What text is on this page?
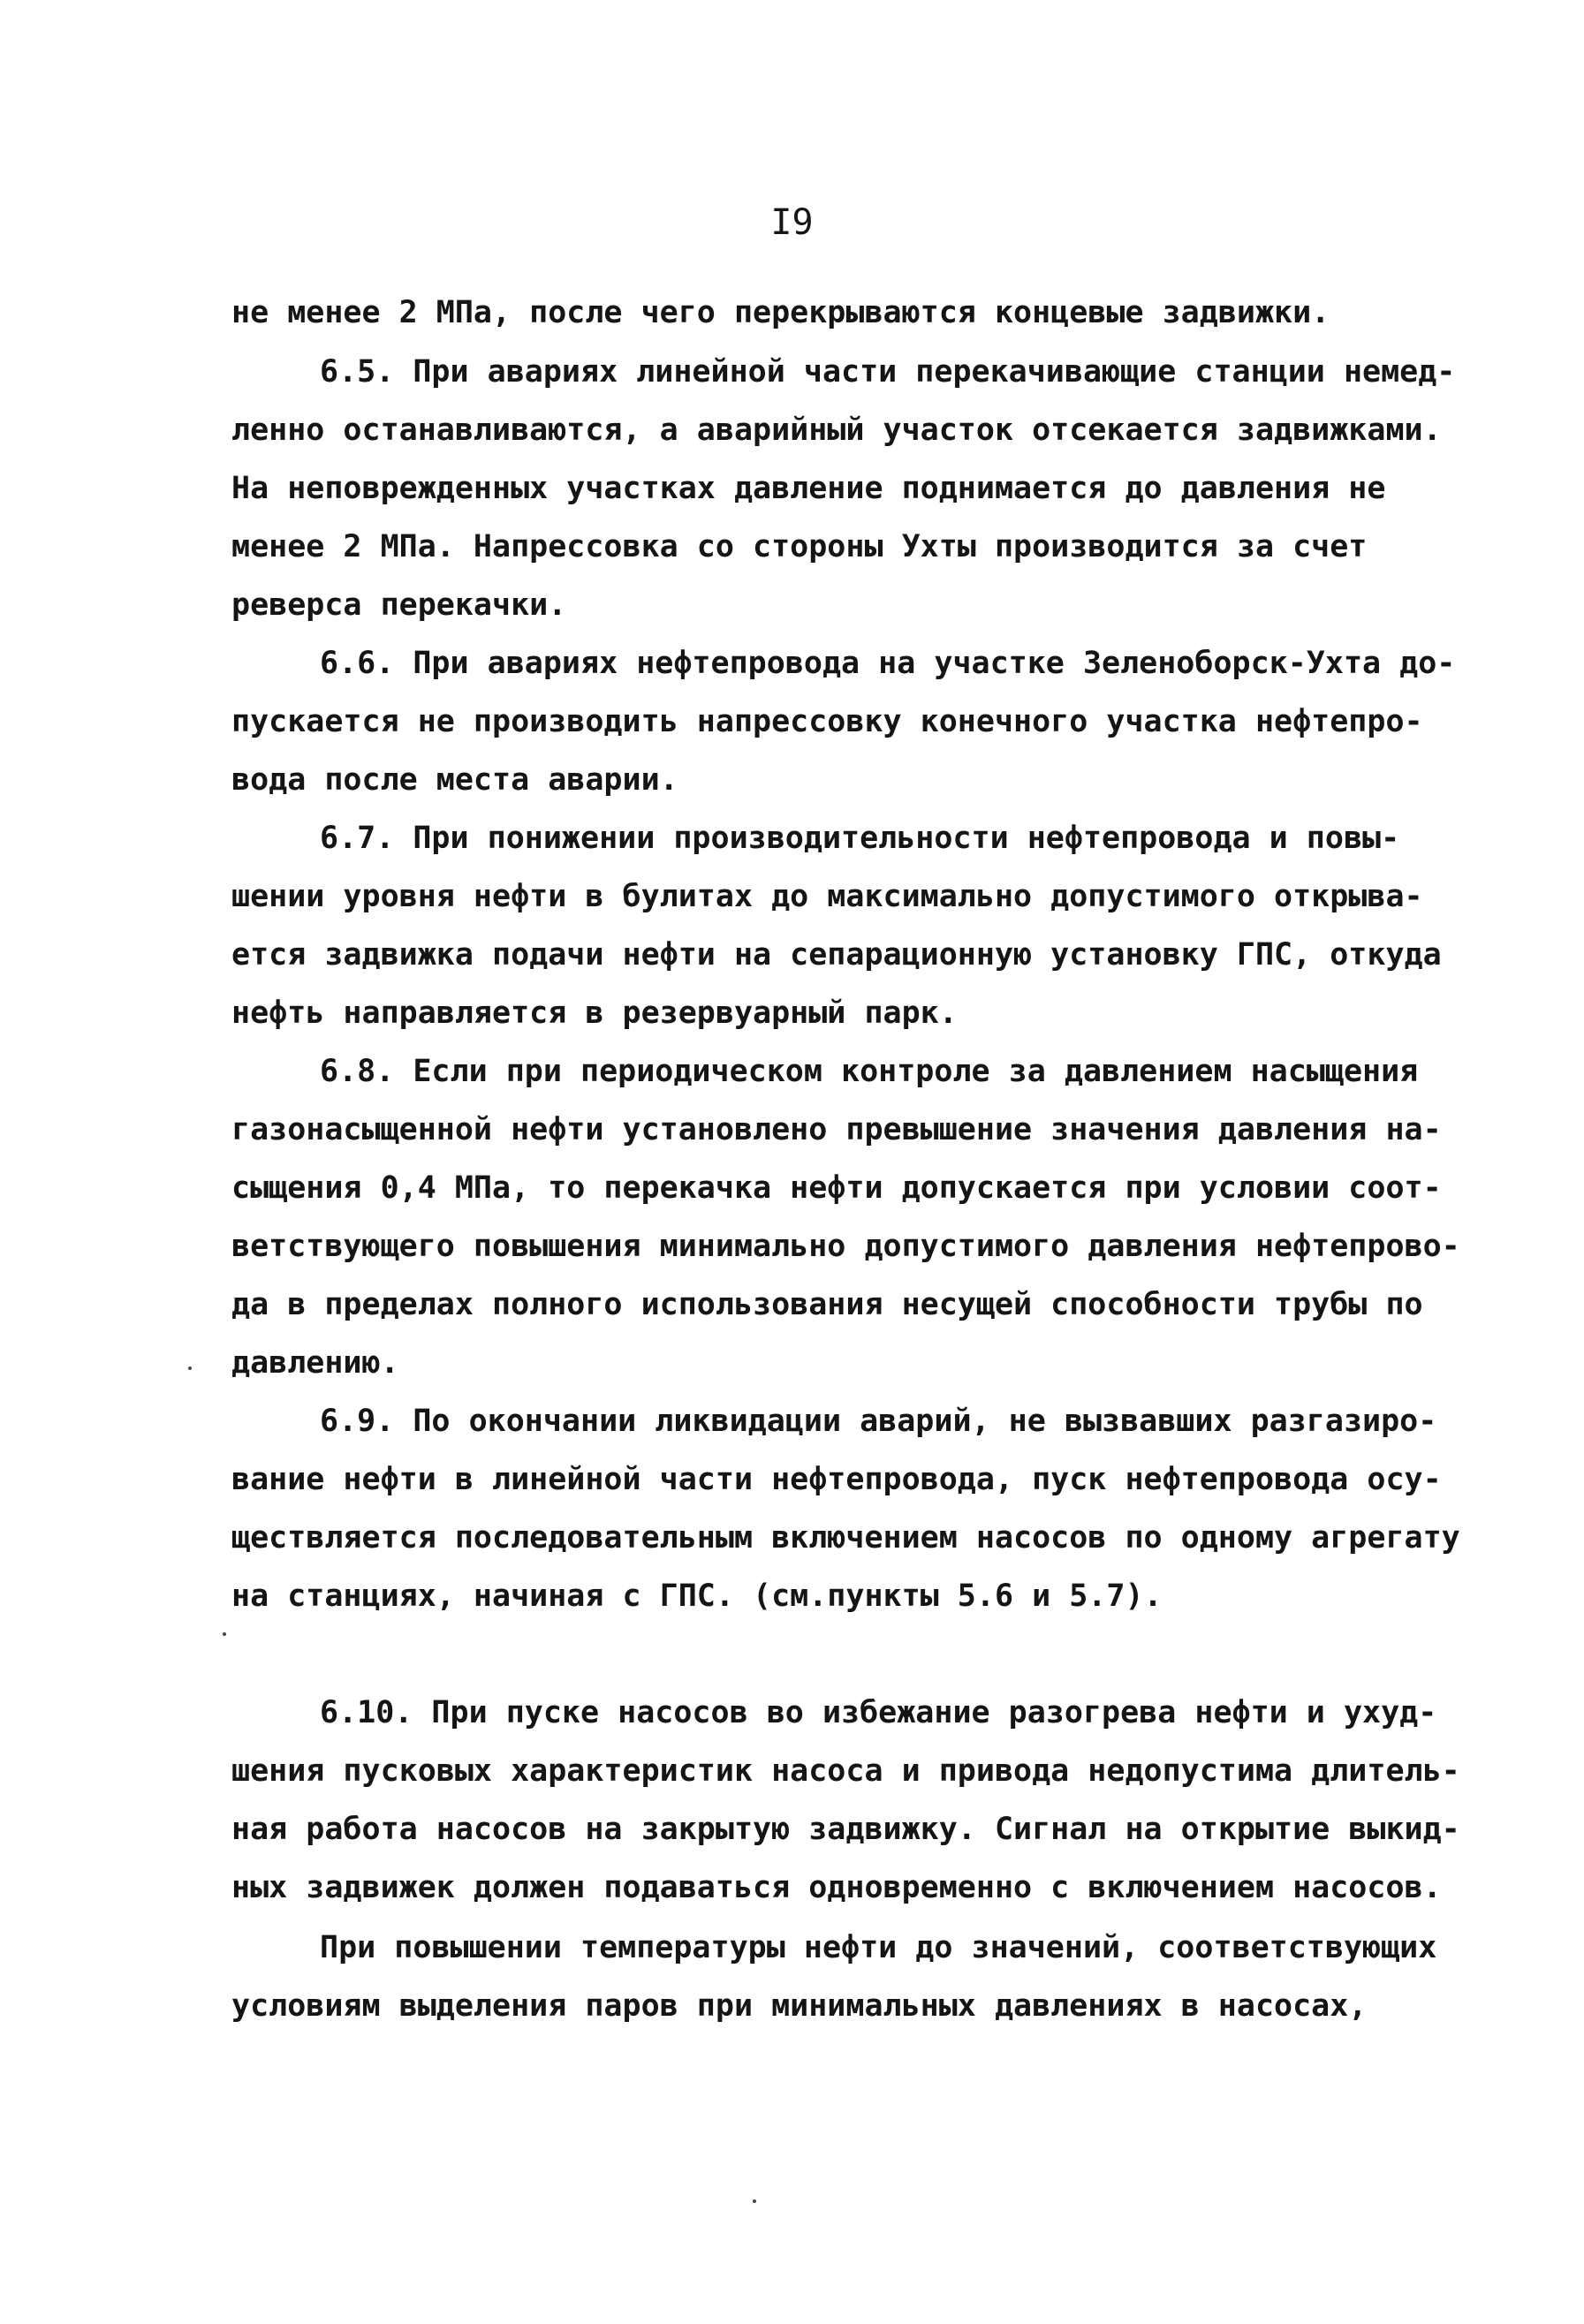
I9
не менее 2 МПа, после чего перекрываются концевые задвижки.
6.5. При авариях линейной части перекачивающие станции немед-
ленно останавливаются, а аварийный участок отсекается задвижками.
На неповрежденных участках давление поднимается до давления не
менее 2 МПа. Напрессовка со стороны Ухты производится за счет
реверса перекачки.
6.6. При авариях нефтепровода на участке Зеленоборск-Ухта до-
пускается не производить напрессовку конечного участка нефтепро-
вода после места аварии.
6.7. При понижении производительности нефтепровода и повы-
шении уровня нефти в булитах до максимально допустимого открыва-
ется задвижка подачи нефти на сепарационную установку ГПС, откуда
нефть направляется в резервуарный парк.
6.8. Если при периодическом контроле за давлением насыщения
газонасыщенной нефти установлено превышение значения давления на-
сыщения 0,4 МПа, то перекачка нефти допускается при условии соот-
ветствующего повышения минимально допустимого давления нефтепрово-
да в пределах полного использования несущей способности трубы по
давлению.
6.9. По окончании ликвидации аварий, не вызвавших разгазиро-
вание нефти в линейной части нефтепровода, пуск нефтепровода осу-
ществляется последовательным включением насосов по одному агрегату
на станциях, начиная с ГПС. (см.пункты 5.6 и 5.7).
6.10. При пуске насосов во избежание разогрева нефти и ухуд-
шения пусковых характеристик насоса и привода недопустима длитель-
ная работа насосов на закрытую задвижку. Сигнал на открытие выкид-
ных задвижек должен подаваться одновременно с включением насосов.
При повышении температуры нефти до значений, соответствующих
условиям выделения паров при минимальных давлениях в насосах,
